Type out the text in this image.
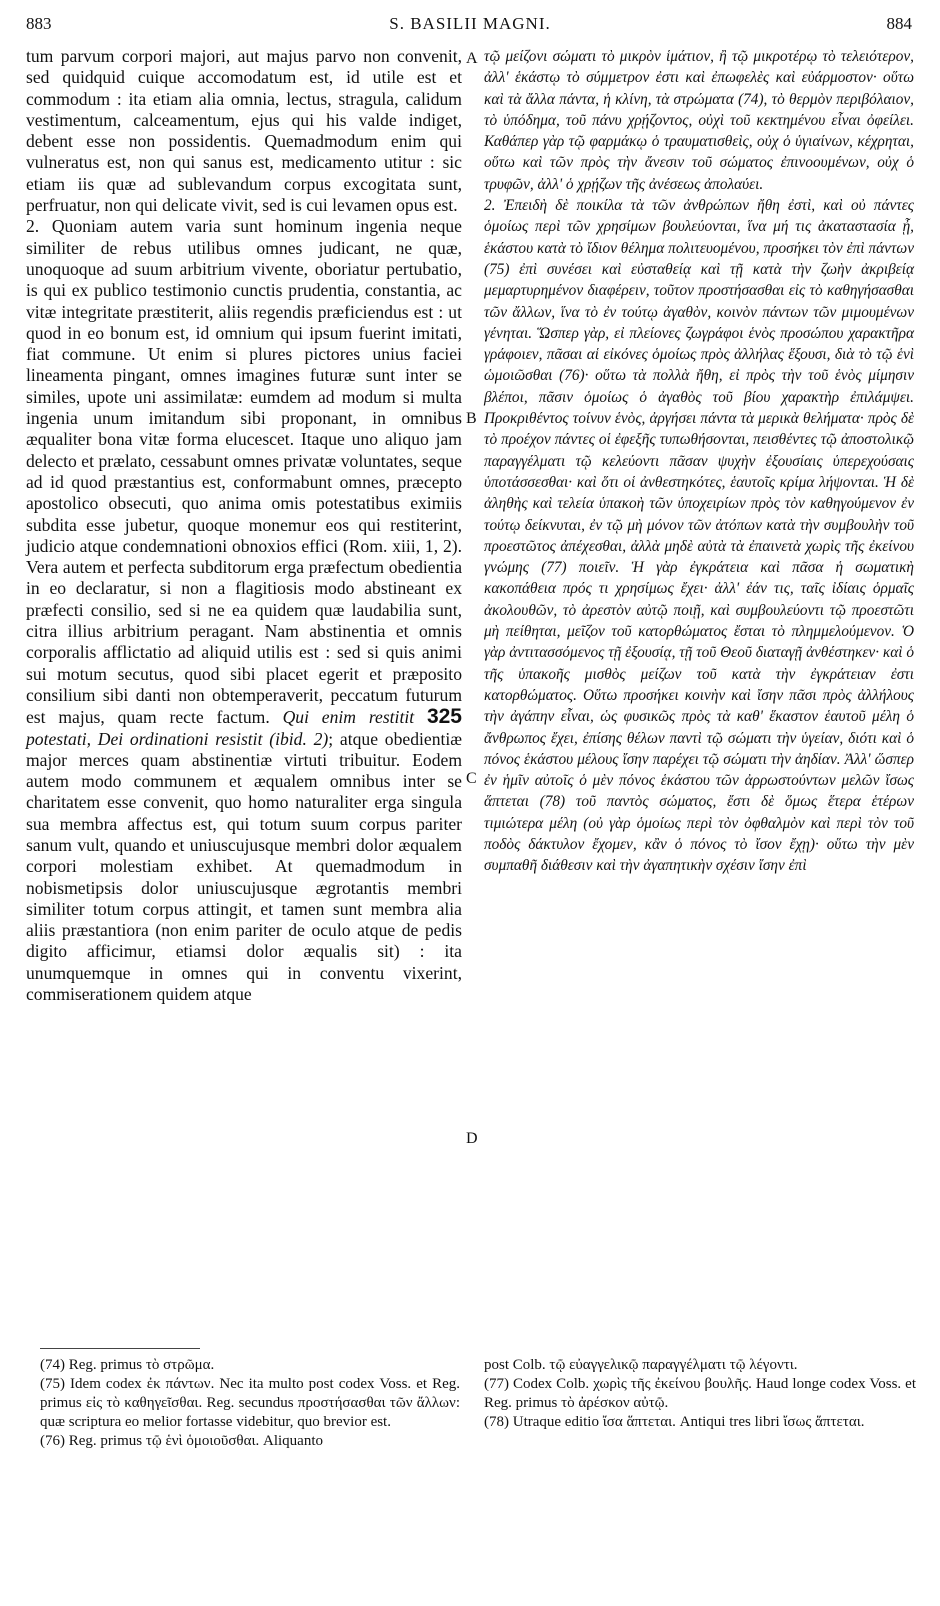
883	S. BASILII MAGNI.	884

tum parvum corpori majori, aut majus parvo non convenit, sed quidquid cuique accomodatum est, id utile est et commodum : ita etiam alia omnia, lectus, stragula, calidum vestimentum, calceamentum, ejus qui his valde indiget, debent esse non possidentis. Quemadmodum enim qui vulneratus est, non qui sanus est, medicamento utitur : sic etiam iis quæ ad sublevandum corpus excogitata sunt, perfruatur, non qui delicate vivit, sed is cui levamen opus est.

2. Quoniam autem varia sunt hominum ingenia neque similiter de rebus utilibus omnes judicant, ne quæ, unoquoque ad suum arbitrium vivente, oboriatur pertubatio, is qui ex publico testimonio cunctis prudentia, constantia, ac vitæ integritate præstiterit, aliis regendis præficiendus est : ut quod in eo bonum est, id omnium qui ipsum fuerint imitati, fiat commune. Ut enim si plures pictores unius faciei lineamenta pingant, omnes imagines futuræ sunt inter se similes, upote uni assimilatæ: eumdem ad modum si multa ingenia unum imitandum sibi proponant, in omnibus æqualiter bona vitæ forma elucescet. Itaque uno aliquo jam delecto et prælato, cessabunt omnes privatæ voluntates, seque ad id quod præstantius est, conformabunt omnes, præcepto apostolico obsecuti, quo anima omis potestatibus eximiis subdita esse jubetur, quoque monemur eos qui restiterint, judicio atque condemnationi obnoxios effici (Rom. xiii, 1, 2). Vera autem et perfecta subditorum erga præfectum obedientia in eo declaratur, si non a flagitiosis modo abstineant ex præfecti consilio, sed si ne ea quidem quæ laudabilia sunt, citra illius arbitrium peragant. Nam abstinentia et omnis corporalis afflictatio ad aliquid utilis est : sed si quis animi sui motum secutus, quod sibi placet egerit et præposito consilium sibi danti non obtemperaverit, peccatum futurum est majus, quam recte factum. Qui enim restitit 325 potestati, Dei ordinationi resistit (ibid. 2); atque obedientiæ major merces quam abstinentiæ virtuti tribuitur. Eodem autem modo communem et æqualem omnibus inter se charitatem esse convenit, quo homo naturaliter erga singula sua membra affectus est, qui totum suum corpus pariter sanum vult, quando et uniuscujusque membri dolor æqualem corpori molestiam exhibet. At quemadmodum in nobismetipsis dolor uniuscujusque ægrotantis membri similiter totum corpus attingit, et tamen sunt membra alia aliis præstantiora (non enim pariter de oculo atque de pedis digito afficimur, etiamsi dolor æqualis sit) : ita unumquemque in omnes qui in conventu vixerint, commiserationem quidem atque

A
B
C
D

τῷ μείζονι σώματι τὸ μικρὸν ἱμάτιον, ἢ τῷ μικροτέρῳ τὸ τελειότερον, ἀλλ' ἑκάστῳ τὸ σύμμετρον ἐστι καὶ ἐπωφελὲς καὶ εὐάρμοστον· οὕτω καὶ τὰ ἄλλα πάντα, ἡ κλίνη, τὰ στρώματα (74), τὸ θερμὸν περιβόλαιον, τὸ ὑπόδημα, τοῦ πάνυ χρῄζοντος, οὐχὶ τοῦ κεκτημένου εἶναι ὀφείλει. Καθάπερ γὰρ τῷ φαρμάκῳ ὁ τραυματισθεὶς, οὐχ ὁ ὑγιαίνων, κέχρηται, οὕτω καὶ τῶν πρὸς τὴν ἄνεσιν τοῦ σώματος ἐπινοουμένων, οὐχ ὁ τρυφῶν, ἀλλ' ὁ χρῄζων τῆς ἀνέσεως ἀπολαύει.

2. Ἐπειδὴ δὲ ποικίλα τὰ τῶν ἀνθρώπων ἤθη ἐστὶ, καὶ οὐ πάντες ὁμοίως περὶ τῶν χρησίμων βουλεύονται, ἵνα μή τις ἀκαταστασία ᾖ, ἑκάστου κατὰ τὸ ἴδιον θέλημα πολιτευομένου, προσήκει τὸν ἐπὶ πάντων (75) ἐπὶ συνέσει καὶ εὐσταθείᾳ καὶ τῇ κατὰ τὴν ζωὴν ἀκριβείᾳ μεμαρτυρημένον διαφέρειν, τοῦτον προστήσασθαι εἰς τὸ καθηγήσασθαι τῶν ἄλλων, ἵνα τὸ ἐν τούτῳ ἀγαθὸν, κοινὸν πάντων τῶν μιμουμένων γένηται. Ὥσπερ γὰρ, εἰ πλείονες ζωγράφοι ἑνὸς προσώπου χαρακτῆρα γράφοιεν, πᾶσαι αἱ εἰκόνες ὁμοίως πρὸς ἀλλήλας ἕξουσι, διὰ τὸ τῷ ἑνὶ ὡμοιῶσθαι (76)· οὕτω τὰ πολλὰ ἤθη, εἰ πρὸς τὴν τοῦ ἑνὸς μίμησιν βλέποι, πᾶσιν ὁμοίως ὁ ἀγαθὸς τοῦ βίου χαρακτὴρ ἐπιλάμψει. Προκριθέντος τοίνυν ἑνὸς, ἀργήσει πάντα τὰ μερικὰ θελήματα· πρὸς δὲ τὸ προέχον πάντες οἱ ἐφεξῆς τυπωθήσονται, πεισθέντες τῷ ἀποστολικῷ παραγγέλματι τῷ κελεύοντι πᾶσαν ψυχὴν ἐξουσίαις ὑπερεχούσαις ὑποτάσσεσθαι· καὶ ὅτι οἱ ἀνθεστηκότες, ἑαυτοῖς κρίμα λήψονται. Ἡ δὲ ἀληθὴς καὶ τελεία ὑπακοὴ τῶν ὑποχειρίων πρὸς τὸν καθηγούμενον ἐν τούτῳ δείκνυται, ἐν τῷ μὴ μόνον τῶν ἀτόπων κατὰ τὴν συμβουλὴν τοῦ προεστῶτος ἀπέχεσθαι, ἀλλὰ μηδὲ αὐτὰ τὰ ἐπαινετὰ χωρὶς τῆς ἐκείνου γνώμης (77) ποιεῖν. Ἡ γὰρ ἐγκράτεια καὶ πᾶσα ἡ σωματικὴ κακοπάθεια πρός τι χρησίμως ἔχει· ἀλλ' ἐάν τις, ταῖς ἰδίαις ὁρμαῖς ἀκολουθῶν, τὸ ἀρεστὸν αὐτῷ ποιῇ, καὶ συμβουλεύοντι τῷ προεστῶτι μὴ πείθηται, μεῖζον τοῦ κατορθώματος ἔσται τὸ πλημμελούμενον. Ὁ γὰρ ἀντιτασσόμενος τῇ ἐξουσίᾳ, τῇ τοῦ Θεοῦ διαταγῇ ἀνθέστηκεν· καὶ ὁ τῆς ὑπακοῆς μισθὸς μείζων τοῦ κατὰ τὴν ἐγκράτειαν ἐστι κατορθώματος. Οὕτω προσήκει κοινὴν καὶ ἴσην πᾶσι πρὸς ἀλλήλους τὴν ἀγάπην εἶναι, ὡς φυσικῶς πρὸς τὰ καθ' ἕκαστον ἑαυτοῦ μέλη ὁ ἄνθρωπος ἔχει, ἐπίσης θέλων παντὶ τῷ σώματι τὴν ὑγείαν, διότι καὶ ὁ πόνος ἑκάστου μέλους ἴσην παρέχει τῷ σώματι τὴν ἀηδίαν. Ἀλλ' ὥσπερ ἐν ἡμῖν αὐτοῖς ὁ μὲν πόνος ἑκάστου τῶν ἀρρωστούντων μελῶν ἴσως ἅπτεται (78) τοῦ παντὸς σώματος, ἔστι δὲ ὅμως ἕτερα ἑτέρων τιμιώτερα μέλη (οὐ γὰρ ὁμοίως περὶ τὸν ὀφθαλμὸν καὶ περὶ τὸν τοῦ ποδὸς δάκτυλον ἔχομεν, κἂν ὁ πόνος τὸ ἴσον ἔχῃ)· οὕτω τὴν μὲν συμπαθῆ διάθεσιν καὶ τὴν ἀγαπητικὴν σχέσιν ἴσην ἐπὶ

(74) Reg. primus τὸ στρῶμα.

(75) Idem codex ἐκ πάντων. Nec ita multo post codex Voss. et Reg. primus εἰς τὸ καθηγεῖσθαι. Reg. secundus προστήσασθαι τῶν ἄλλων: quæ scriptura eo melior fortasse videbitur, quo brevior est.

(76) Reg. primus τῷ ἑνὶ ὁμοιοῦσθαι. Aliquanto

post Colb. τῷ εὐαγγελικῷ παραγγέλματι τῷ λέγοντι.

(77) Codex Colb. χωρὶς τῆς ἐκείνου βουλῆς. Haud longe codex Voss. et Reg. primus τὸ ἀρέσκον αὐτῷ.

(78) Utraque editio ἴσα ἅπτεται. Antiqui tres libri ἴσως ἅπτεται.
